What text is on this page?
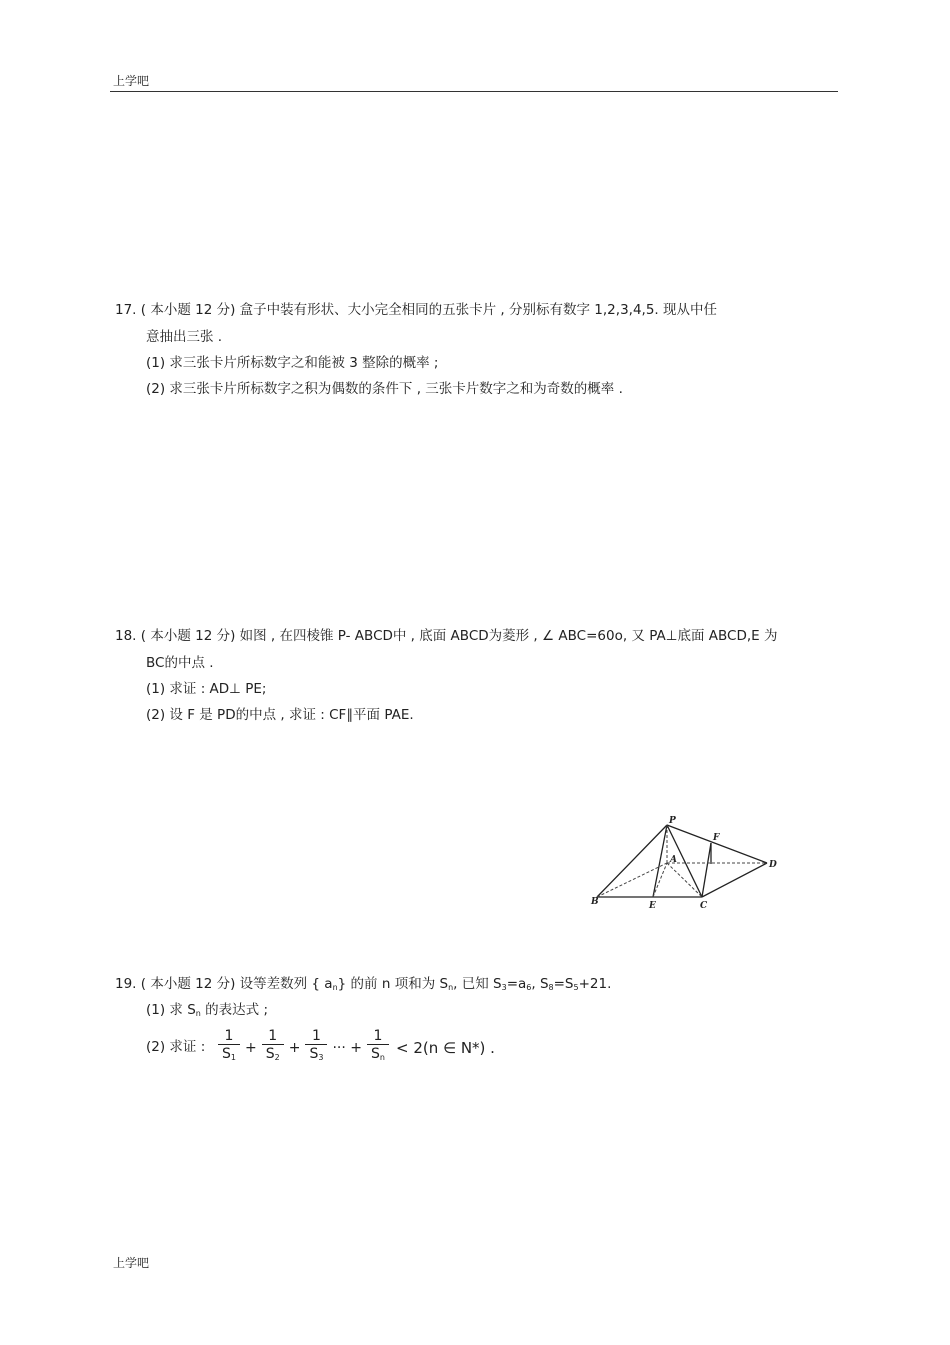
上学吧
17. ( 本小题 12 分) 盒子中装有形状、大小完全相同的五张卡片 , 分别标有数字 1,2,3,4,5. 现从中任
意抽出三张 .
(1) 求三张卡片所标数字之和能被 3 整除的概率 ;
(2) 求三张卡片所标数字之积为偶数的条件下 , 三张卡片数字之和为奇数的概率 .
18. ( 本小题 12 分) 如图 , 在四棱锥 P- ABCD中 , 底面 ABCD为菱形 , ∠ ABC=60o, 又 PA⊥底面 ABCD,E 为
BC的中点 .
(1) 求证 : AD⊥ PE;
(2) 设 F 是 PD的中点 , 求证 : CF∥平面 PAE.
P
F
A	D
B	E	C
19. ( 本小题 12 分) 设等差数列 { $a_n$} 的前 n 项和为 $S_n$, 已知 $S_3=a_6$, $S_8=S_5+21$.
(1) 求 $S_n$ 的表达式 ;
(2) 求证 : $\frac{1}{S_1} + \frac{1}{S_2} + \frac{1}{S_3}$ ··· + $\frac{1}{S_n} < 2(n$ ∈ N*) .
上学吧
